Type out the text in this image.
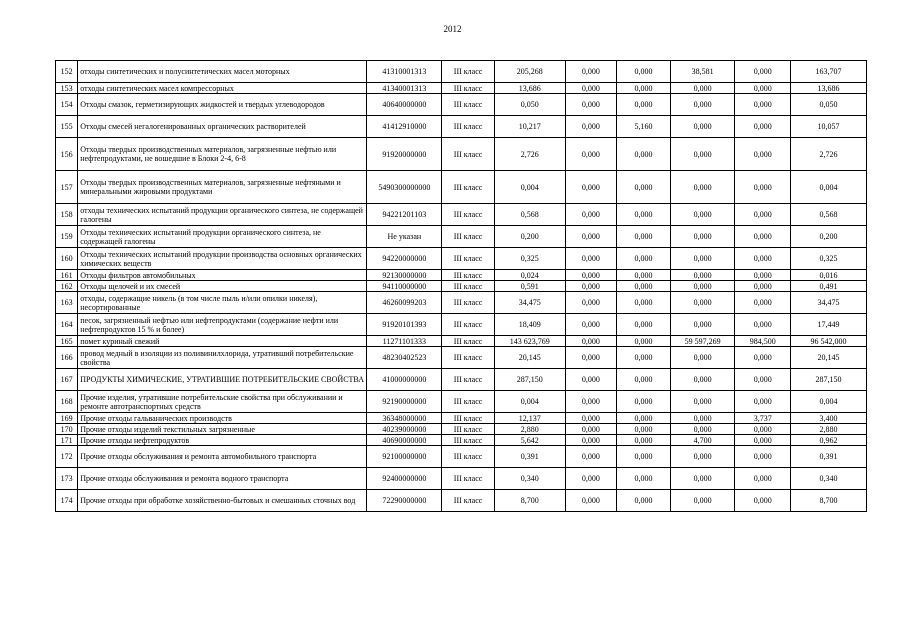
2012
152	отходы синтетических и полусинтетических масел моторных	41310001313	III класс	205,268	0,000	0,000	38,581	0,000	163,707
153	отходы синтетических масел компрессорных	41340001313	III класс	13,686	0,000	0,000	0,000	0,000	13,686
154	Отходы смазок, герметизирующих жидкостей и твердых углеводородов	40640000000	III класс	0,050	0,000	0,000	0,000	0,000	0,050
155	Отходы смесей негалогенированных органических растворителей	41412910000	III класс	10,217	0,000	5,160	0,000	0,000	10,057
156	Отходы твердых производственных материалов, загрязненные нефтью или нефтепродуктами, не вошедшие в Блоки 2-4, 6-8	91920000000	III класс	2,726	0,000	0,000	0,000	0,000	2,726
157	Отходы твердых производственных материалов, загрязненные нефтяными и минеральными жировыми продуктами	5490300000000	III класс	0,004	0,000	0,000	0,000	0,000	0,004
158	отходы технических испытаний продукции органического синтеза, не содержащей галогены	94221201103	III класс	0,568	0,000	0,000	0,000	0,000	0,568
159	Отходы технических испытаний продукции органического синтеза, не содержащей галогены	Не указан	III класс	0,200	0,000	0,000	0,000	0,000	0,200
160	Отходы технических испытаний продукции производства основных органических химических веществ	94220000000	III класс	0,325	0,000	0,000	0,000	0,000	0,325
161	Отходы фильтров автомобильных	92130000000	III класс	0,024	0,000	0,000	0,000	0,000	0,016
162	Отходы щелочей и их смесей	94110000000	III класс	0,591	0,000	0,000	0,000	0,000	0,491
163	отходы, содержащие никель (в том числе пыль и/или опилки никеля), несортированные	46260099203	III класс	34,475	0,000	0,000	0,000	0,000	34,475
164	песок, загрязненный нефтью или нефтепродуктами (содержание нефти или нефтепродуктов 15 % и более)	91920101393	III класс	18,409	0,000	0,000	0,000	0,000	17,449
165	помет куриный свежий	11271101333	III класс	143 623,769	0,000	0,000	59 597,269	984,500	96 542,000
166	провод медный в изоляции из поливинилхлорида, утративший потребительские свойства	48230402523	III класс	20,145	0,000	0,000	0,000	0,000	20,145
167	ПРОДУКТЫ ХИМИЧЕСКИЕ, УТРАТИВШИЕ ПОТРЕБИТЕЛЬСКИЕ СВОЙСТВА	41000000000	III класс	287,150	0,000	0,000	0,000	0,000	287,150
168	Прочие изделия, утратившие потребительские свойства при обслуживании и ремонте автотранспортных средств	92190000000	III класс	0,004	0,000	0,000	0,000	0,000	0,004
169	Прочие отходы гальванических производств	36348000000	III класс	12,137	0,000	0,000	0,000	3,737	3,400
170	Прочие отходы изделий текстильных загрязненные	40239000000	III класс	2,880	0,000	0,000	0,000	0,000	2,880
171	Прочие отходы нефтепродуктов	40690000000	III класс	5,642	0,000	0,000	4,700	0,000	0,962
172	Прочие отходы обслуживания и ремонта автомобильного транспорта	92100000000	III класс	0,391	0,000	0,000	0,000	0,000	0,391
173	Прочие отходы обслуживания и ремонта водного транспорта	92400000000	III класс	0,340	0,000	0,000	0,000	0,000	0,340
174	Прочие отходы при обработке хозяйственно-бытовых и смешанных сточных вод	72290000000	III класс	8,700	0,000	0,000	0,000	0,000	8,700
